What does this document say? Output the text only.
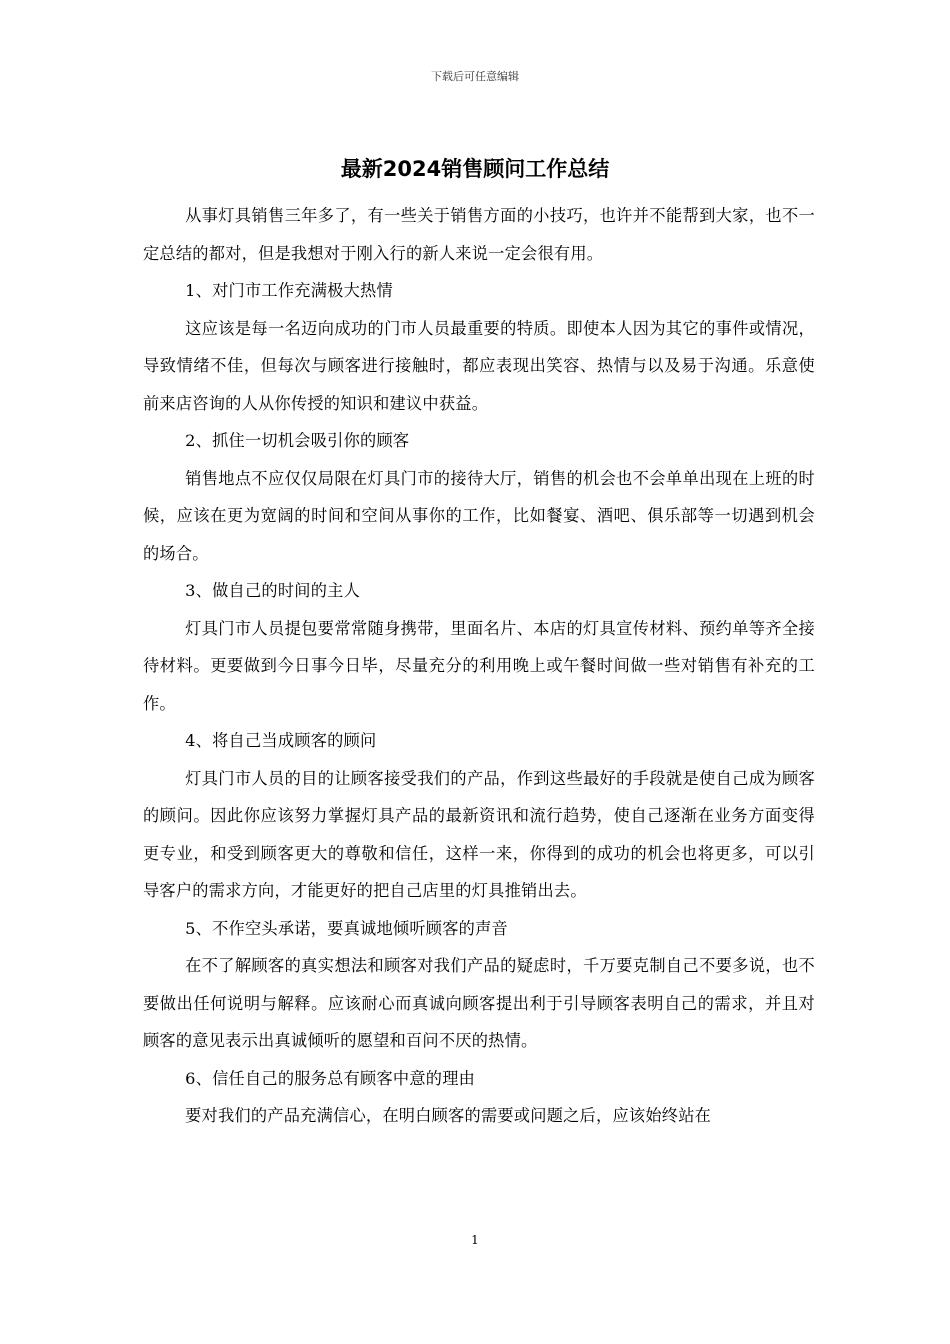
下载后可任意编辑
最新2024销售顾问工作总结

从事灯具销售三年多了，有一些关于销售方面的小技巧，也许并不能帮到大家，也不一定总结的都对，但是我想对于刚入行的新人来说一定会很有用。

1、对门市工作充满极大热情

这应该是每一名迈向成功的门市人员最重要的特质。即使本人因为其它的事件或情况，导致情绪不佳，但每次与顾客进行接触时，都应表现出笑容、热情与以及易于沟通。乐意使前来店咨询的人从你传授的知识和建议中获益。

2、抓住一切机会吸引你的顾客

销售地点不应仅仅局限在灯具门市的接待大厅，销售的机会也不会单单出现在上班的时候，应该在更为宽阔的时间和空间从事你的工作，比如餐宴、酒吧、俱乐部等一切遇到机会的场合。

3、做自己的时间的主人

灯具门市人员提包要常常随身携带，里面名片、本店的灯具宣传材料、预约单等齐全接待材料。更要做到今日事今日毕，尽量充分的利用晚上或午餐时间做一些对销售有补充的工作。

4、将自己当成顾客的顾问

灯具门市人员的目的让顾客接受我们的产品，作到这些最好的手段就是使自己成为顾客的顾问。因此你应该努力掌握灯具产品的最新资讯和流行趋势，使自己逐渐在业务方面变得更专业，和受到顾客更大的尊敬和信任，这样一来，你得到的成功的机会也将更多，可以引导客户的需求方向，才能更好的把自己店里的灯具推销出去。

5、不作空头承诺，要真诚地倾听顾客的声音

在不了解顾客的真实想法和顾客对我们产品的疑虑时，千万要克制自己不要多说，也不要做出任何说明与解释。应该耐心而真诚向顾客提出利于引导顾客表明自己的需求，并且对顾客的意见表示出真诚倾听的愿望和百问不厌的热情。

6、信任自己的服务总有顾客中意的理由

要对我们的产品充满信心，在明白顾客的需要或问题之后，应该始终站在

1
